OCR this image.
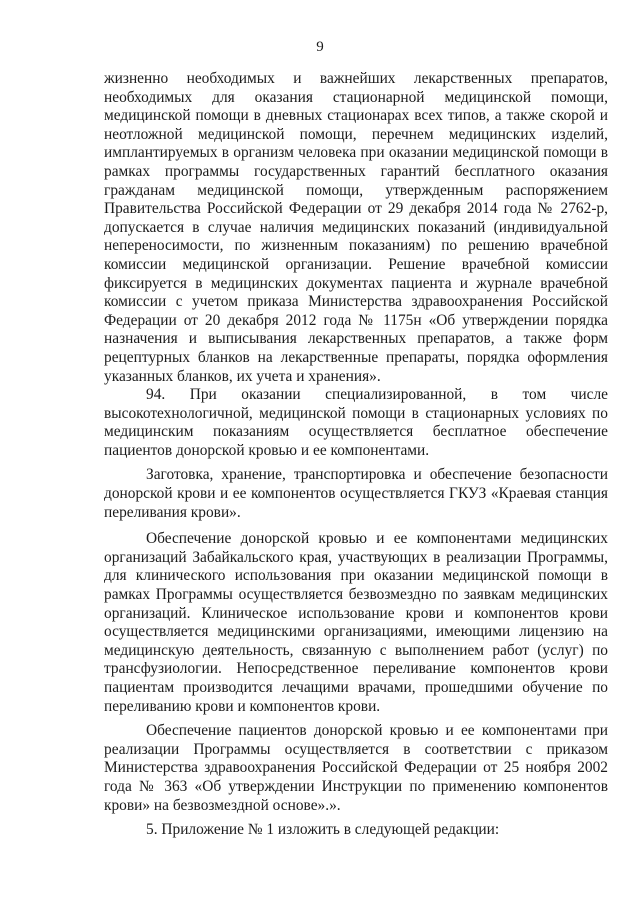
9

жизненно необходимых и важнейших лекарственных препаратов, необходимых для оказания стационарной медицинской помощи, медицинской помощи в дневных стационарах всех типов, а также скорой и неотложной медицинской помощи, перечнем медицинских изделий, имплантируемых в организм человека при оказании медицинской помощи в рамках программы государственных гарантий бесплатного оказания гражданам медицинской помощи, утвержденным распоряжением Правительства Российской Федерации от 29 декабря 2014 года № 2762-р, допускается в случае наличия медицинских показаний (индивидуальной непереносимости, по жизненным показаниям) по решению врачебной комиссии медицинской организации. Решение врачебной комиссии фиксируется в медицинских документах пациента и журнале врачебной комиссии с учетом приказа Министерства здравоохранения Российской Федерации от 20 декабря 2012 года № 1175н «Об утверждении порядка назначения и выписывания лекарственных препаратов, а также форм рецептурных бланков на лекарственные препараты, порядка оформления указанных бланков, их учета и хранения».

94. При оказании специализированной, в том числе высокотехнологичной, медицинской помощи в стационарных условиях по медицинским показаниям осуществляется бесплатное обеспечение пациентов донорской кровью и ее компонентами.

Заготовка, хранение, транспортировка и обеспечение безопасности донорской крови и ее компонентов осуществляется ГКУЗ «Краевая станция переливания крови».

Обеспечение донорской кровью и ее компонентами медицинских организаций Забайкальского края, участвующих в реализации Программы, для клинического использования при оказании медицинской помощи в рамках Программы осуществляется безвозмездно по заявкам медицинских организаций. Клиническое использование крови и компонентов крови осуществляется медицинскими организациями, имеющими лицензию на медицинскую деятельность, связанную с выполнением работ (услуг) по трансфузиологии. Непосредственное переливание компонентов крови пациентам производится лечащими врачами, прошедшими обучение по переливанию крови и компонентов крови.

Обеспечение пациентов донорской кровью и ее компонентами при реализации Программы осуществляется в соответствии с приказом Министерства здравоохранения Российской Федерации от 25 ноября 2002 года № 363 «Об утверждении Инструкции по применению компонентов крови» на безвозмездной основе».».

5. Приложение № 1 изложить в следующей редакции:
